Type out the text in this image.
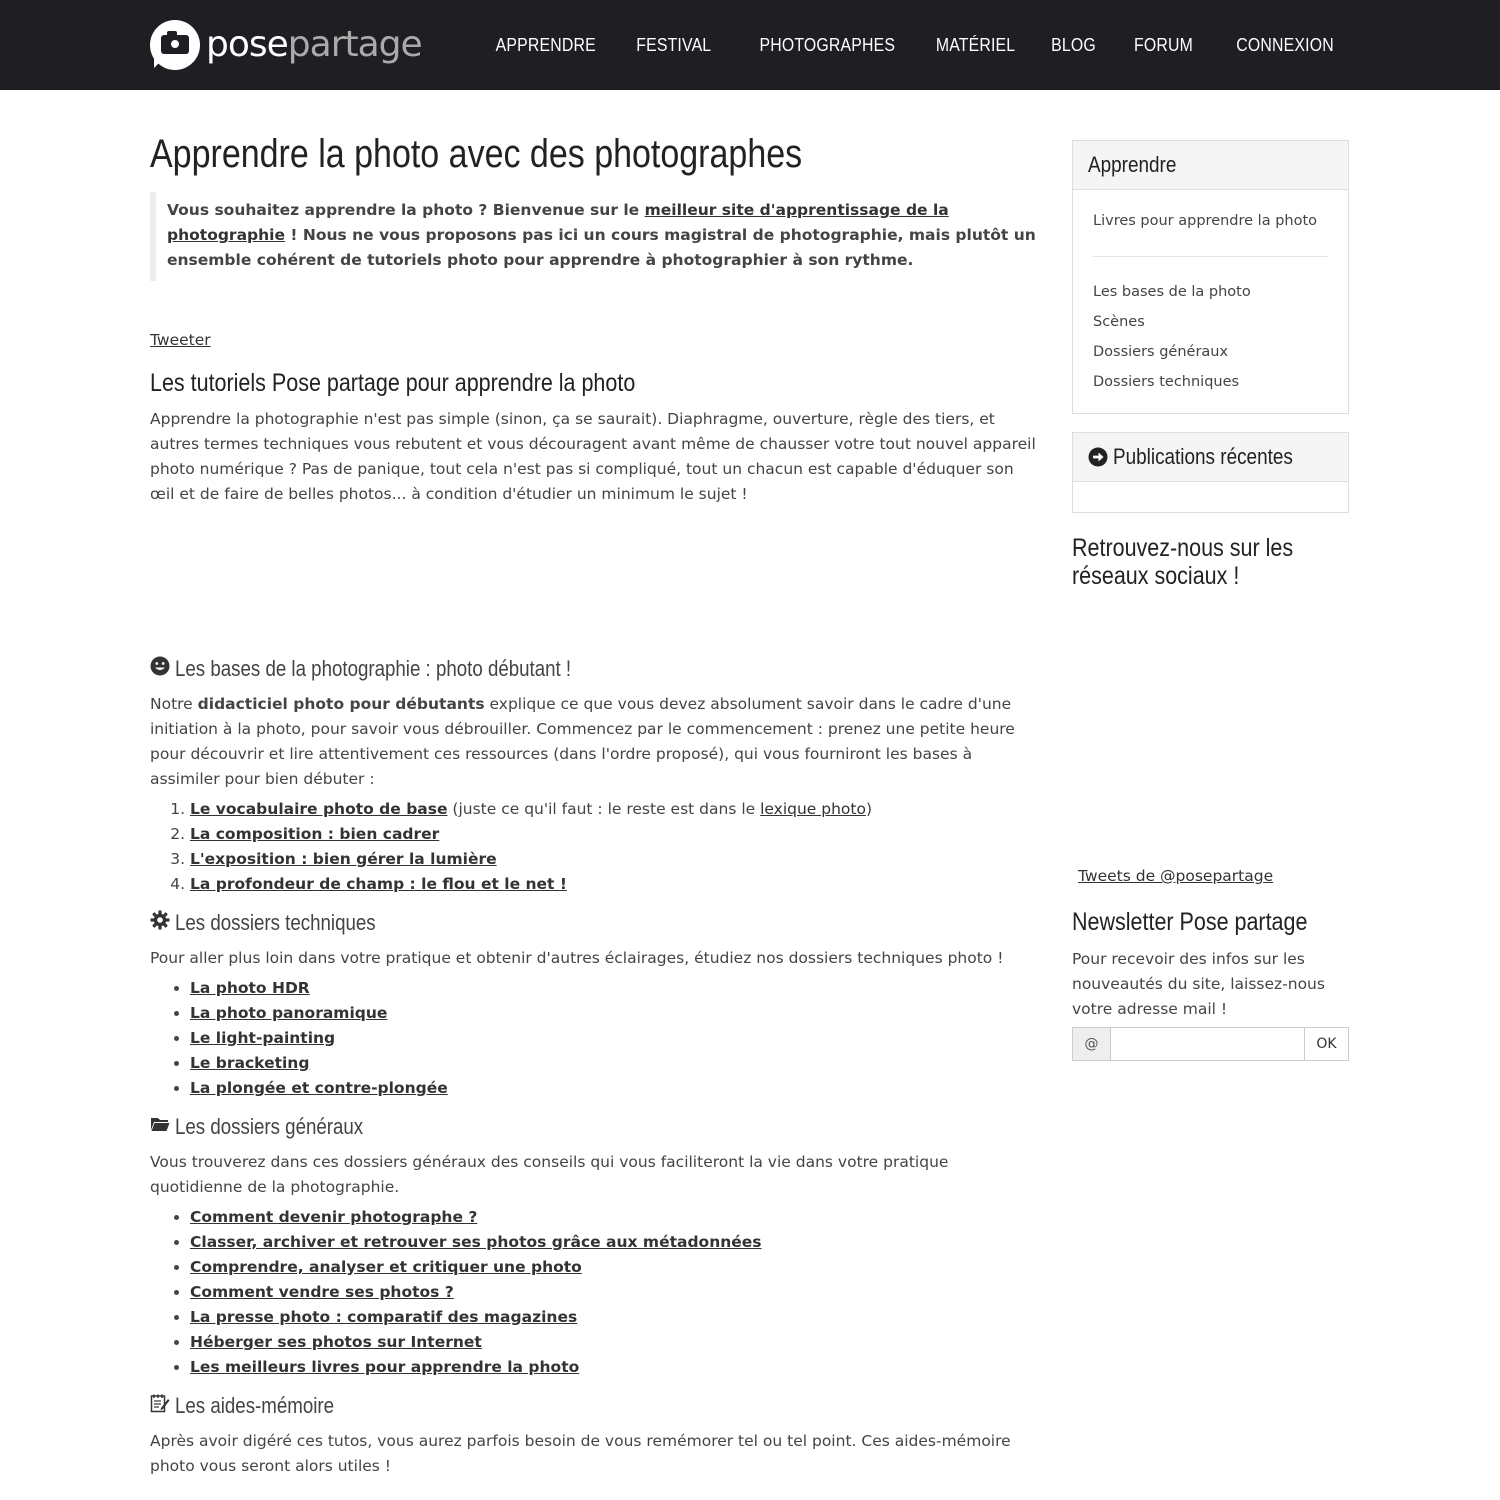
posepartage	APPRENDRE FESTIVAL	PHOTOGRAPHES MATÉRIEL BLOG FORUM CONNEXION
Apprendre la photo avec des photographes
Vous souhaitez apprendre la photo ? Bienvenue sur le meilleur site d'apprentissage de la photographie ! Nous ne vous proposons pas ici un cours magistral de photographie, mais plutôt un ensemble cohérent de tutoriels photo pour apprendre à photographier à son rythme.
Tweeter
Les tutoriels Pose partage pour apprendre la photo

Apprendre la photographie n'est pas simple (sinon, ça se saurait). Diaphragme, ouverture, règle des tiers, et autres termes techniques vous rebutent et vous découragent avant même de chausser votre tout nouvel appareil photo numérique ? Pas de panique, tout cela n'est pas si compliqué, tout un chacun est capable d'éduquer son œil et de faire de belles photos... à condition d'étudier un minimum le sujet !

Les bases de la photographie : photo débutant !

Notre didacticiel photo pour débutants explique ce que vous devez absolument savoir dans le cadre d'une initiation à la photo, pour savoir vous débrouiller. Commencez par le commencement : prenez une petite heure pour découvrir et lire attentivement ces ressources (dans l'ordre proposé), qui vous fourniront les bases à assimiler pour bien débuter :

1. Le vocabulaire photo de base (juste ce qu'il faut : le reste est dans le lexique photo)
2. La composition : bien cadrer
3. L'exposition : bien gérer la lumière
4. La profondeur de champ : le flou et le net !
Les dossiers techniques

Pour aller plus loin dans votre pratique et obtenir d'autres éclairages, étudiez nos dossiers techniques photo !

• La photo HDR
• La photo panoramique
• Le light-painting
• Le bracketing
• La plongée et contre-plongée
Les dossiers généraux

Vous trouverez dans ces dossiers généraux des conseils qui vous faciliteront la vie dans votre pratique quotidienne de la photographie.

• Comment devenir photographe ?
• Classer, archiver et retrouver ses photos grâce aux métadonnées
• Comprendre, analyser et critiquer une photo
• Comment vendre ses photos ?
• La presse photo : comparatif des magazines
• Héberger ses photos sur Internet
• Les meilleurs livres pour apprendre la photo
Les aides-mémoire

Après avoir digéré ces tutos, vous aurez parfois besoin de vous remémorer tel ou tel point. Ces aides-mémoire photo vous seront alors utiles !

Apprendre
Livres pour apprendre la photo
Les bases de la photo
Scènes
Dossiers généraux
Dossiers techniques
Publications récentes
Retrouvez-nous sur les réseaux sociaux !
Tweets de @posepartage
Newsletter Pose partage

Pour recevoir des infos sur les nouveautés du site, laissez-nous votre adresse mail !

@	OK
